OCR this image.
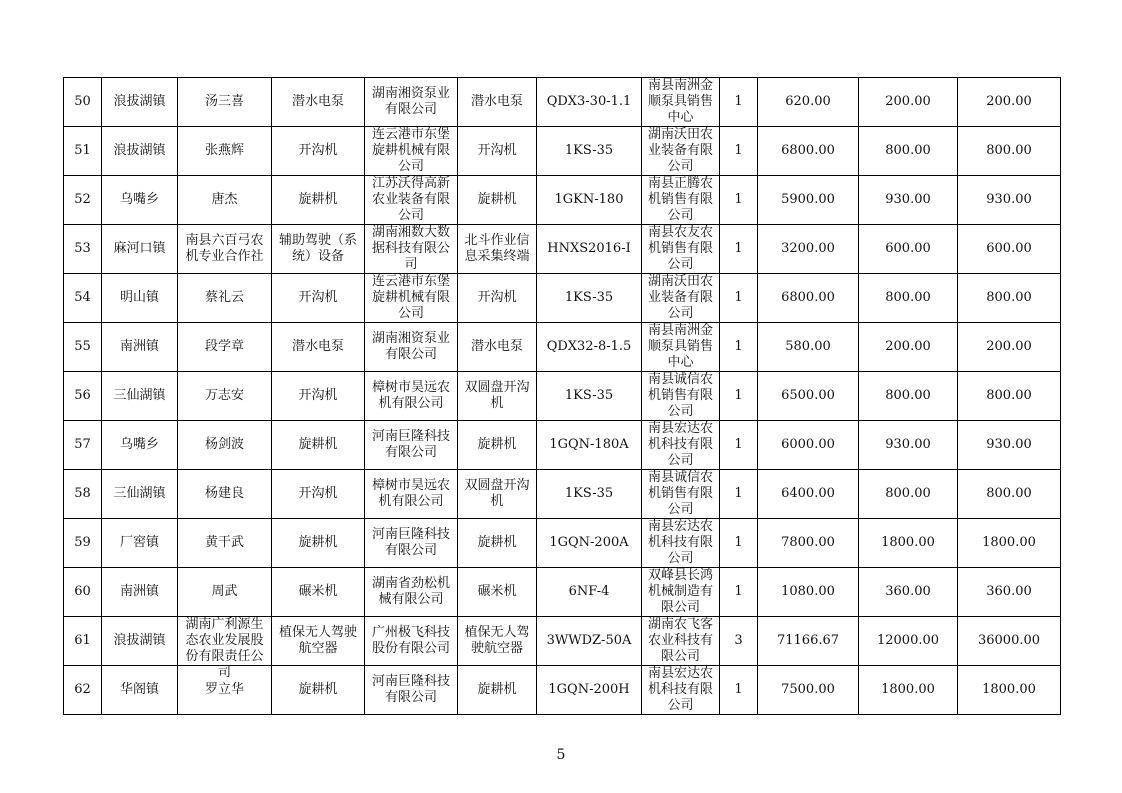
50	浪拔湖镇	汤三喜	潜水电泵	湖南湘资泵业有限公司	潜水电泵	QDX3-30-1.1	南县南洲金顺泵具销售中心	1	620.00	200.00	200.00

51	浪拔湖镇	张燕辉	开沟机	连云港市东堡旋耕机械有限公司	开沟机	1KS-35	湖南沃田农业装备有限公司	1	6800.00	800.00	800.00

52	乌嘴乡	唐杰	旋耕机	江苏沃得高新农业装备有限公司	旋耕机	1GKN-180	南县正腾农机销售有限公司	1	5900.00	930.00	930.00

53	麻河口镇	南县六百弓农机专业合作社	辅助驾驶（系统）设备	湖南湘数大数据科技有限公司	北斗作业信息采集终端	HNXS2016-I	南县农友农机销售有限公司	1	3200.00	600.00	600.00

54	明山镇	蔡礼云	开沟机	连云港市东堡旋耕机械有限公司	开沟机	1KS-35	湖南沃田农业装备有限公司	1	6800.00	800.00	800.00

55	南洲镇	段学章	潜水电泵	湖南湘资泵业有限公司	潜水电泵	QDX32-8-1.5	南县南洲金顺泵具销售中心	1	580.00	200.00	200.00

56	三仙湖镇	万志安	开沟机	樟树市昊远农机有限公司	双圆盘开沟机	1KS-35	南县诚信农机销售有限公司	1	6500.00	800.00	800.00

57	乌嘴乡	杨剑波	旋耕机	河南巨隆科技有限公司	旋耕机	1GQN-180A	南县宏达农机科技有限公司	1	6000.00	930.00	930.00

58	三仙湖镇	杨建良	开沟机	樟树市昊远农机有限公司	双圆盘开沟机	1KS-35	南县诚信农机销售有限公司	1	6400.00	800.00	800.00

59	厂窖镇	黄干武	旋耕机	河南巨隆科技有限公司	旋耕机	1GQN-200A	南县宏达农机科技有限公司	1	7800.00	1800.00	1800.00

60	南洲镇	周武	碾米机	湖南省劲松机械有限公司	碾米机	6NF-4	双峰县长鸿机械制造有限公司	1	1080.00	360.00	360.00

61	浪拔湖镇	湖南广利源生态农业发展股份有限责任公司	植保无人驾驶航空器	广州极飞科技股份有限公司	植保无人驾驶航空器	3WWDZ-50A	湖南农飞客农业科技有限公司	3	71166.67	12000.00	36000.00

62	华阁镇	罗立华	旋耕机	河南巨隆科技有限公司	旋耕机	1GQN-200H	南县宏达农机科技有限公司	1	7500.00	1800.00	1800.00
5
